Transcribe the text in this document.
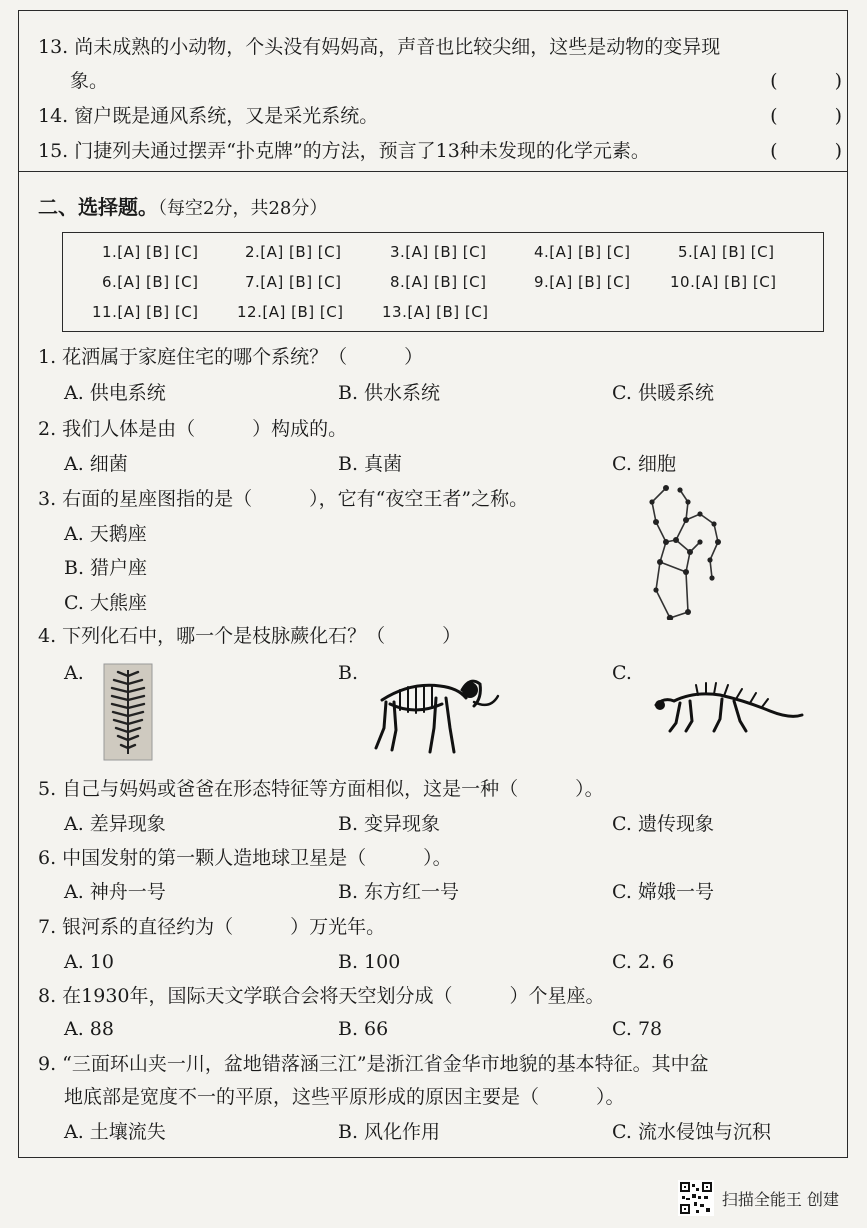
13. 尚未成熟的小动物，个头没有妈妈高，声音也比较尖细，这些是动物的变异现
象。	(　　　)
14. 窗户既是通风系统，又是采光系统。	(　　　)
15. 门捷列夫通过摆弄“扑克牌”的方法，预言了13种未发现的化学元素。	(　　　)
二、选择题。（每空2分，共28分）
1.[A] [B] [C]	2.[A] [B] [C]	3.[A] [B] [C]	4.[A] [B] [C]	5.[A] [B] [C]
6.[A] [B] [C]	7.[A] [B] [C]	8.[A] [B] [C]	9.[A] [B] [C]	10.[A] [B] [C]
11.[A] [B] [C]	12.[A] [B] [C]	13.[A] [B] [C]
1. 花洒属于家庭住宅的哪个系统？（　　　）
A. 供电系统	B. 供水系统	C. 供暖系统
2. 我们人体是由（　　　）构成的。
A. 细菌	B. 真菌	C. 细胞
3. 右面的星座图指的是（　　　），它有“夜空王者”之称。
A. 天鹅座
B. 猎户座
C. 大熊座
4. 下列化石中，哪一个是枝脉蕨化石？（　　　）
A.	B.	C.
5. 自己与妈妈或爸爸在形态特征等方面相似，这是一种（　　　）。
A. 差异现象	B. 变异现象	C. 遗传现象
6. 中国发射的第一颗人造地球卫星是（　　　）。
A. 神舟一号	B. 东方红一号	C. 嫦娥一号
7. 银河系的直径约为（　　　）万光年。
A. 10	B. 100	C. 2. 6
8. 在1930年，国际天文学联合会将天空划分成（　　　）个星座。
A. 88	B. 66	C. 78
9. “三面环山夹一川，盆地错落涵三江”是浙江省金华市地貌的基本特征。其中盆
地底部是宽度不一的平原，这些平原形成的原因主要是（　　　）。
A. 土壤流失	B. 风化作用	C. 流水侵蚀与沉积
扫描全能王 创建
